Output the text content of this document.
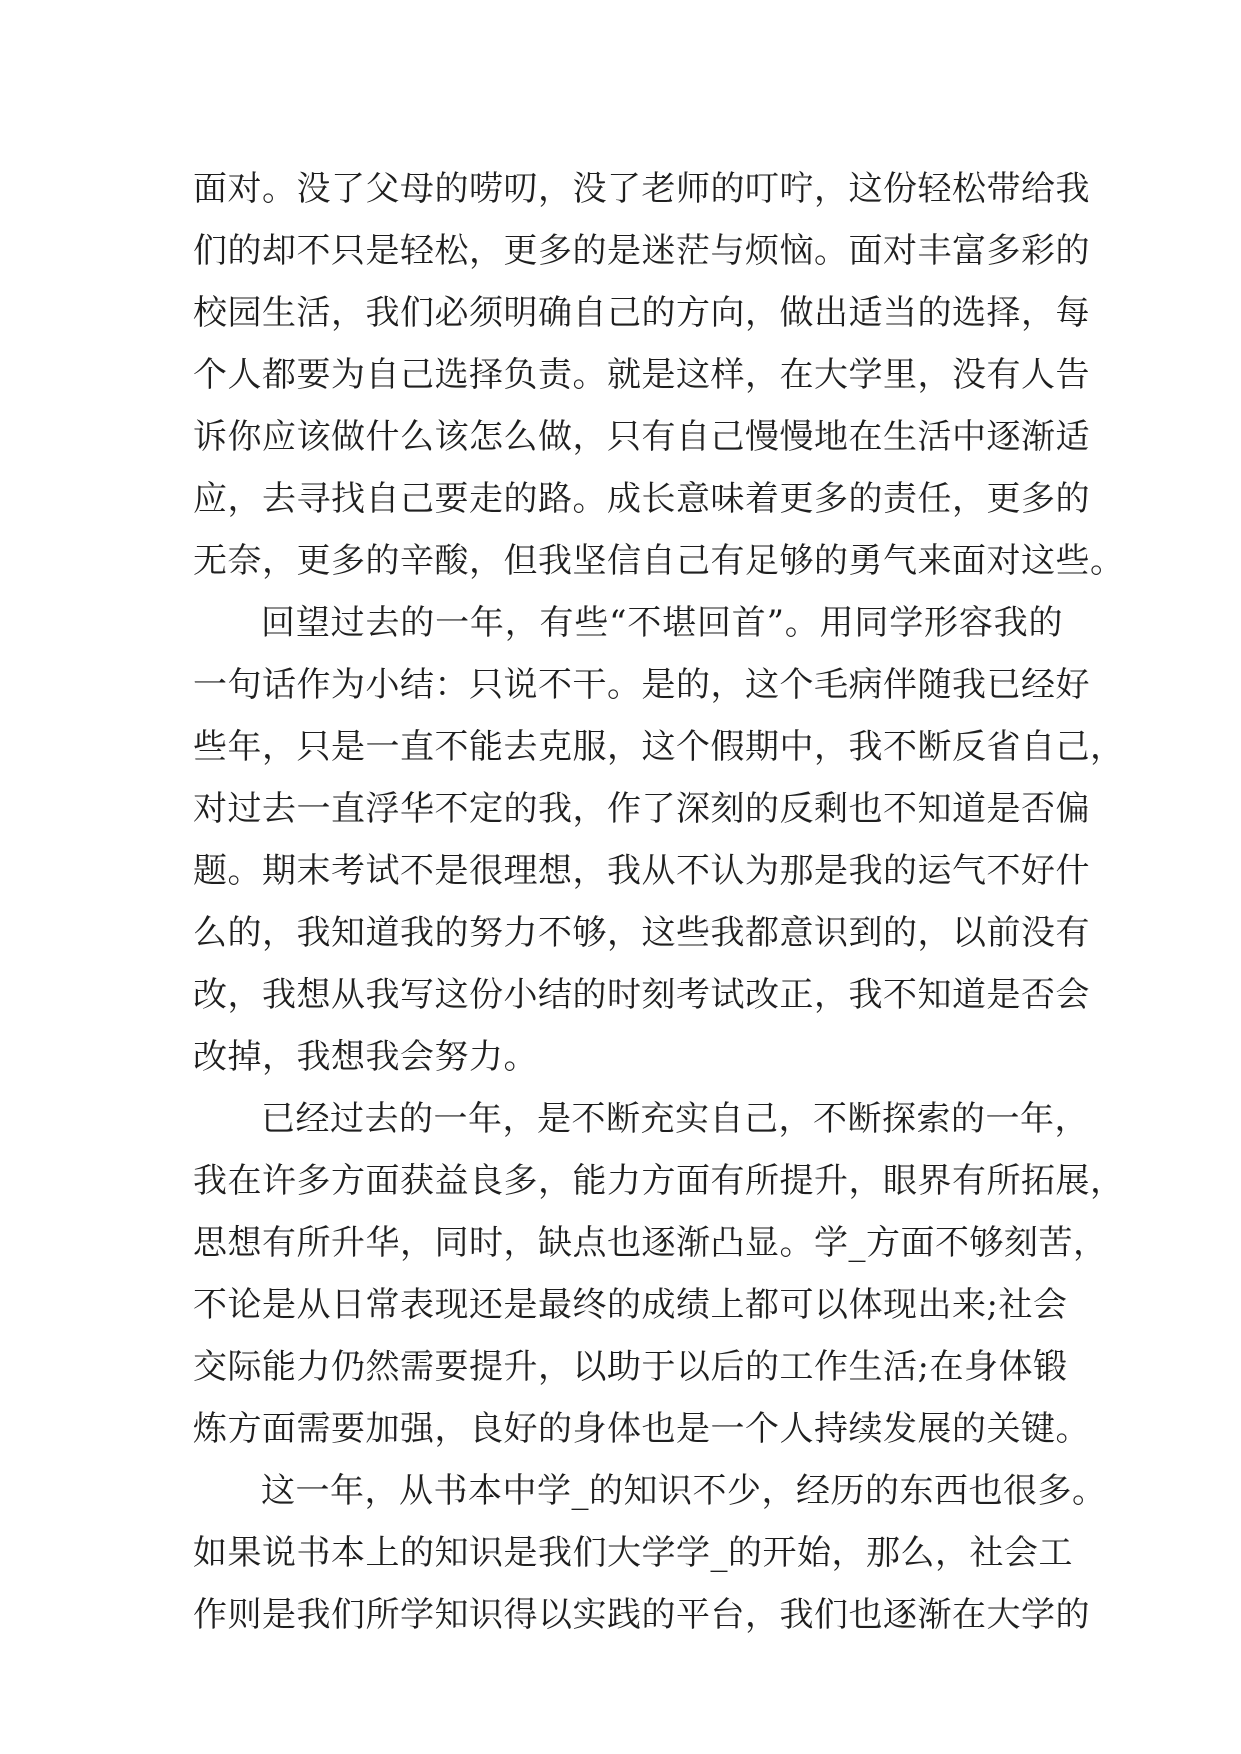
面对。没了父母的唠叨，没了老师的叮咛，这份轻松带给我
们的却不只是轻松，更多的是迷茫与烦恼。面对丰富多彩的
校园生活，我们必须明确自己的方向，做出适当的选择，每
个人都要为自己选择负责。就是这样，在大学里，没有人告
诉你应该做什么该怎么做，只有自己慢慢地在生活中逐渐适
应，去寻找自己要走的路。成长意味着更多的责任，更多的
无奈，更多的辛酸，但我坚信自己有足够的勇气来面对这些。
回望过去的一年，有些“不堪回首”。用同学形容我的
一句话作为小结：只说不干。是的，这个毛病伴随我已经好
些年，只是一直不能去克服，这个假期中，我不断反省自己，
对过去一直浮华不定的我，作了深刻的反剩也不知道是否偏
题。期末考试不是很理想，我从不认为那是我的运气不好什
么的，我知道我的努力不够，这些我都意识到的，以前没有
改，我想从我写这份小结的时刻考试改正，我不知道是否会
改掉，我想我会努力。
已经过去的一年，是不断充实自己，不断探索的一年，
我在许多方面获益良多，能力方面有所提升，眼界有所拓展，
思想有所升华，同时，缺点也逐渐凸显。学_方面不够刻苦，
不论是从日常表现还是最终的成绩上都可以体现出来;社会
交际能力仍然需要提升，以助于以后的工作生活;在身体锻
炼方面需要加强，良好的身体也是一个人持续发展的关键。
这一年，从书本中学_的知识不少，经历的东西也很多。
如果说书本上的知识是我们大学学_的开始，那么，社会工
作则是我们所学知识得以实践的平台，我们也逐渐在大学的
